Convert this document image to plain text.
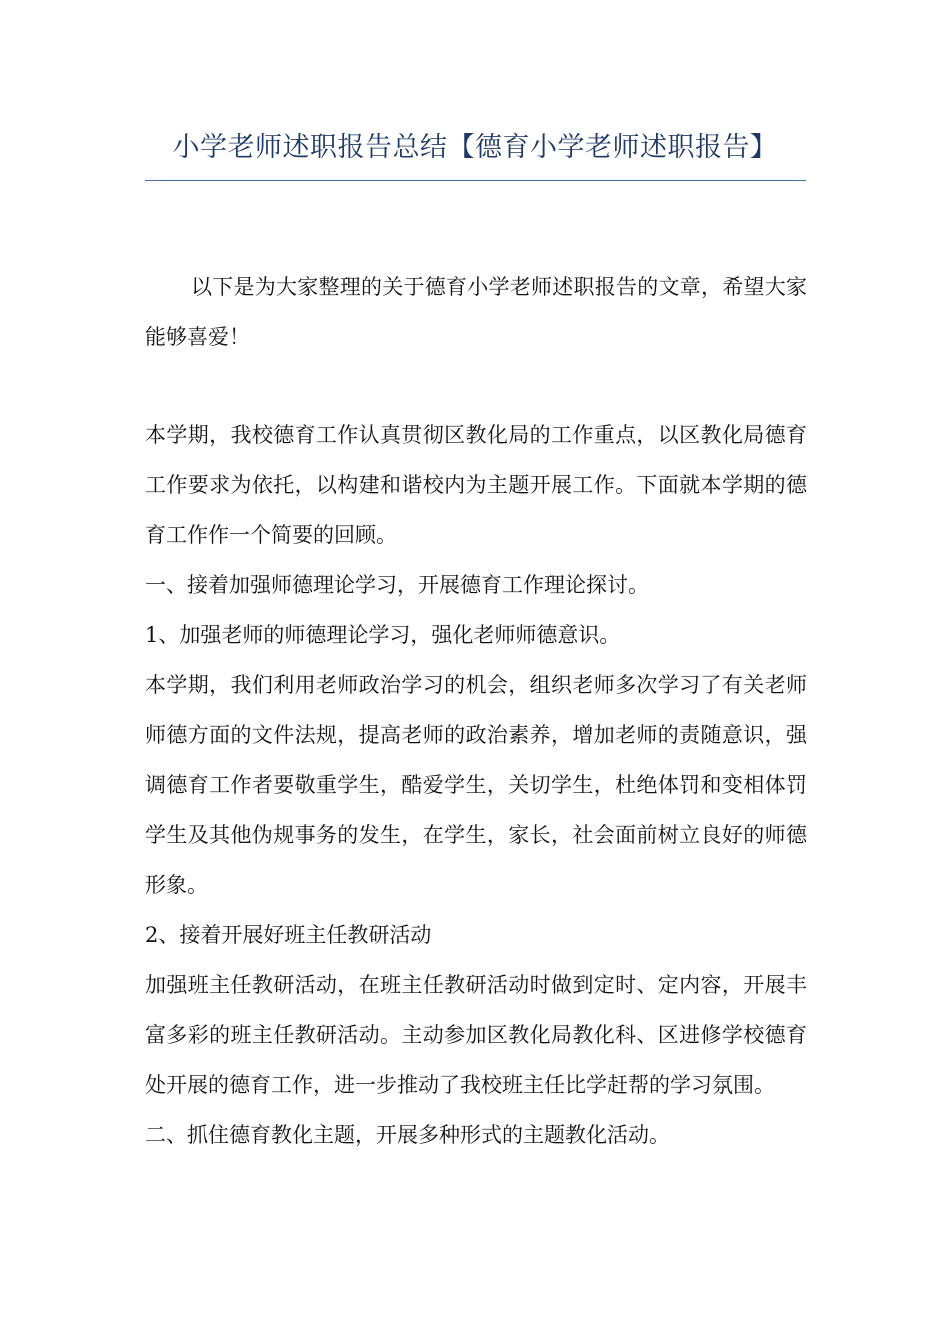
小学老师述职报告总结【德育小学老师述职报告】

以下是为大家整理的关于德育小学老师述职报告的文章，希望大家能够喜爱！

本学期，我校德育工作认真贯彻区教化局的工作重点，以区教化局德育工作要求为依托，以构建和谐校内为主题开展工作。下面就本学期的德育工作作一个简要的回顾。

一、接着加强师德理论学习，开展德育工作理论探讨。

1、加强老师的师德理论学习，强化老师师德意识。

本学期，我们利用老师政治学习的机会，组织老师多次学习了有关老师师德方面的文件法规，提高老师的政治素养，增加老师的责随意识，强调德育工作者要敬重学生，酷爱学生，关切学生，杜绝体罚和变相体罚学生及其他伪规事务的发生，在学生，家长，社会面前树立良好的师德形象。

2、接着开展好班主任教研活动

加强班主任教研活动，在班主任教研活动时做到定时、定内容，开展丰富多彩的班主任教研活动。主动参加区教化局教化科、区进修学校德育处开展的德育工作，进一步推动了我校班主任比学赶帮的学习氛围。

二、抓住德育教化主题，开展多种形式的主题教化活动。
